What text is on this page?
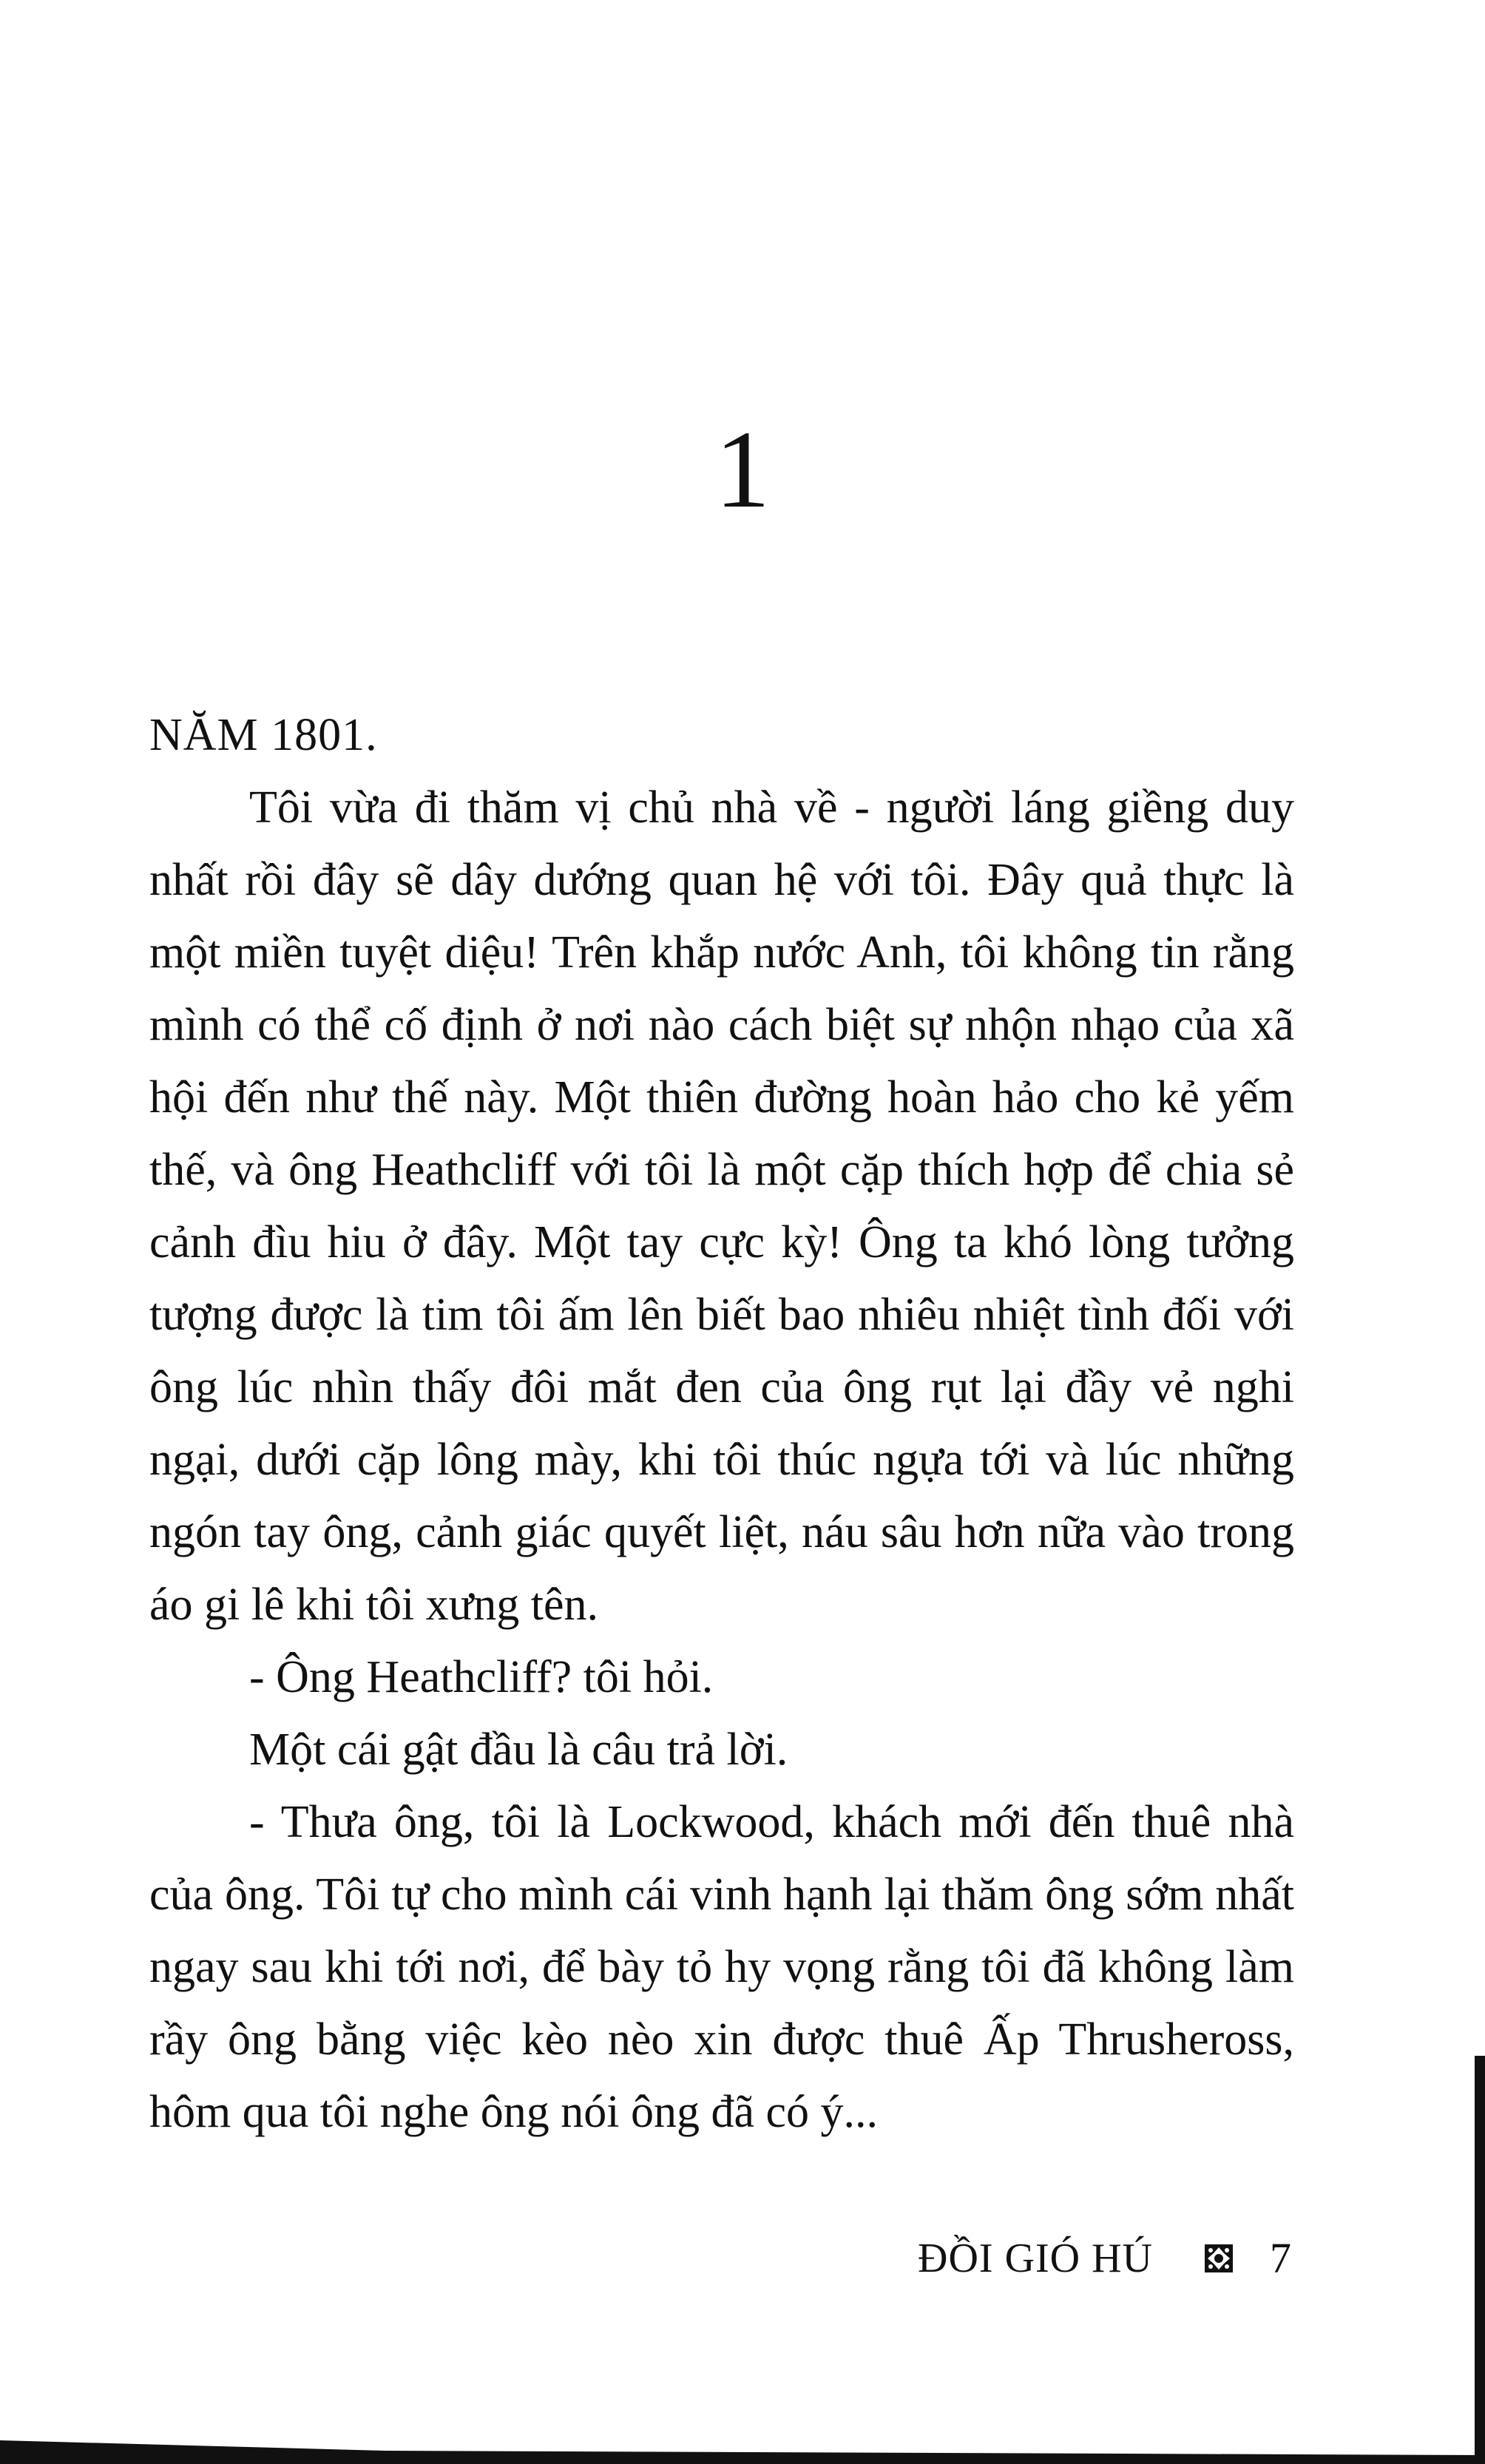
1

NĂM 1801.

Tôi vừa đi thăm vị chủ nhà về - người láng giềng duy nhất rồi đây sẽ dây dướng quan hệ với tôi. Đây quả thực là một miền tuyệt diệu! Trên khắp nước Anh, tôi không tin rằng mình có thể cố định ở nơi nào cách biệt sự nhộn nhạo của xã hội đến như thế này. Một thiên đường hoàn hảo cho kẻ yếm thế, và ông Heathcliff với tôi là một cặp thích hợp để chia sẻ cảnh đìu hiu ở đây. Một tay cực kỳ! Ông ta khó lòng tưởng tượng được là tim tôi ấm lên biết bao nhiêu nhiệt tình đối với ông lúc nhìn thấy đôi mắt đen của ông rụt lại đầy vẻ nghi ngại, dưới cặp lông mày, khi tôi thúc ngựa tới và lúc những ngón tay ông, cảnh giác quyết liệt, náu sâu hơn nữa vào trong áo gi lê khi tôi xưng tên.

- Ông Heathcliff? tôi hỏi.

Một cái gật đầu là câu trả lời.

- Thưa ông, tôi là Lockwood, khách mới đến thuê nhà của ông. Tôi tự cho mình cái vinh hạnh lại thăm ông sớm nhất ngay sau khi tới nơi, để bày tỏ hy vọng rằng tôi đã không làm rầy ông bằng việc kèo nèo xin được thuê Ấp Thrusheross, hôm qua tôi nghe ông nói ông đã có ý...

ĐỒI GIÓ HÚ	7
